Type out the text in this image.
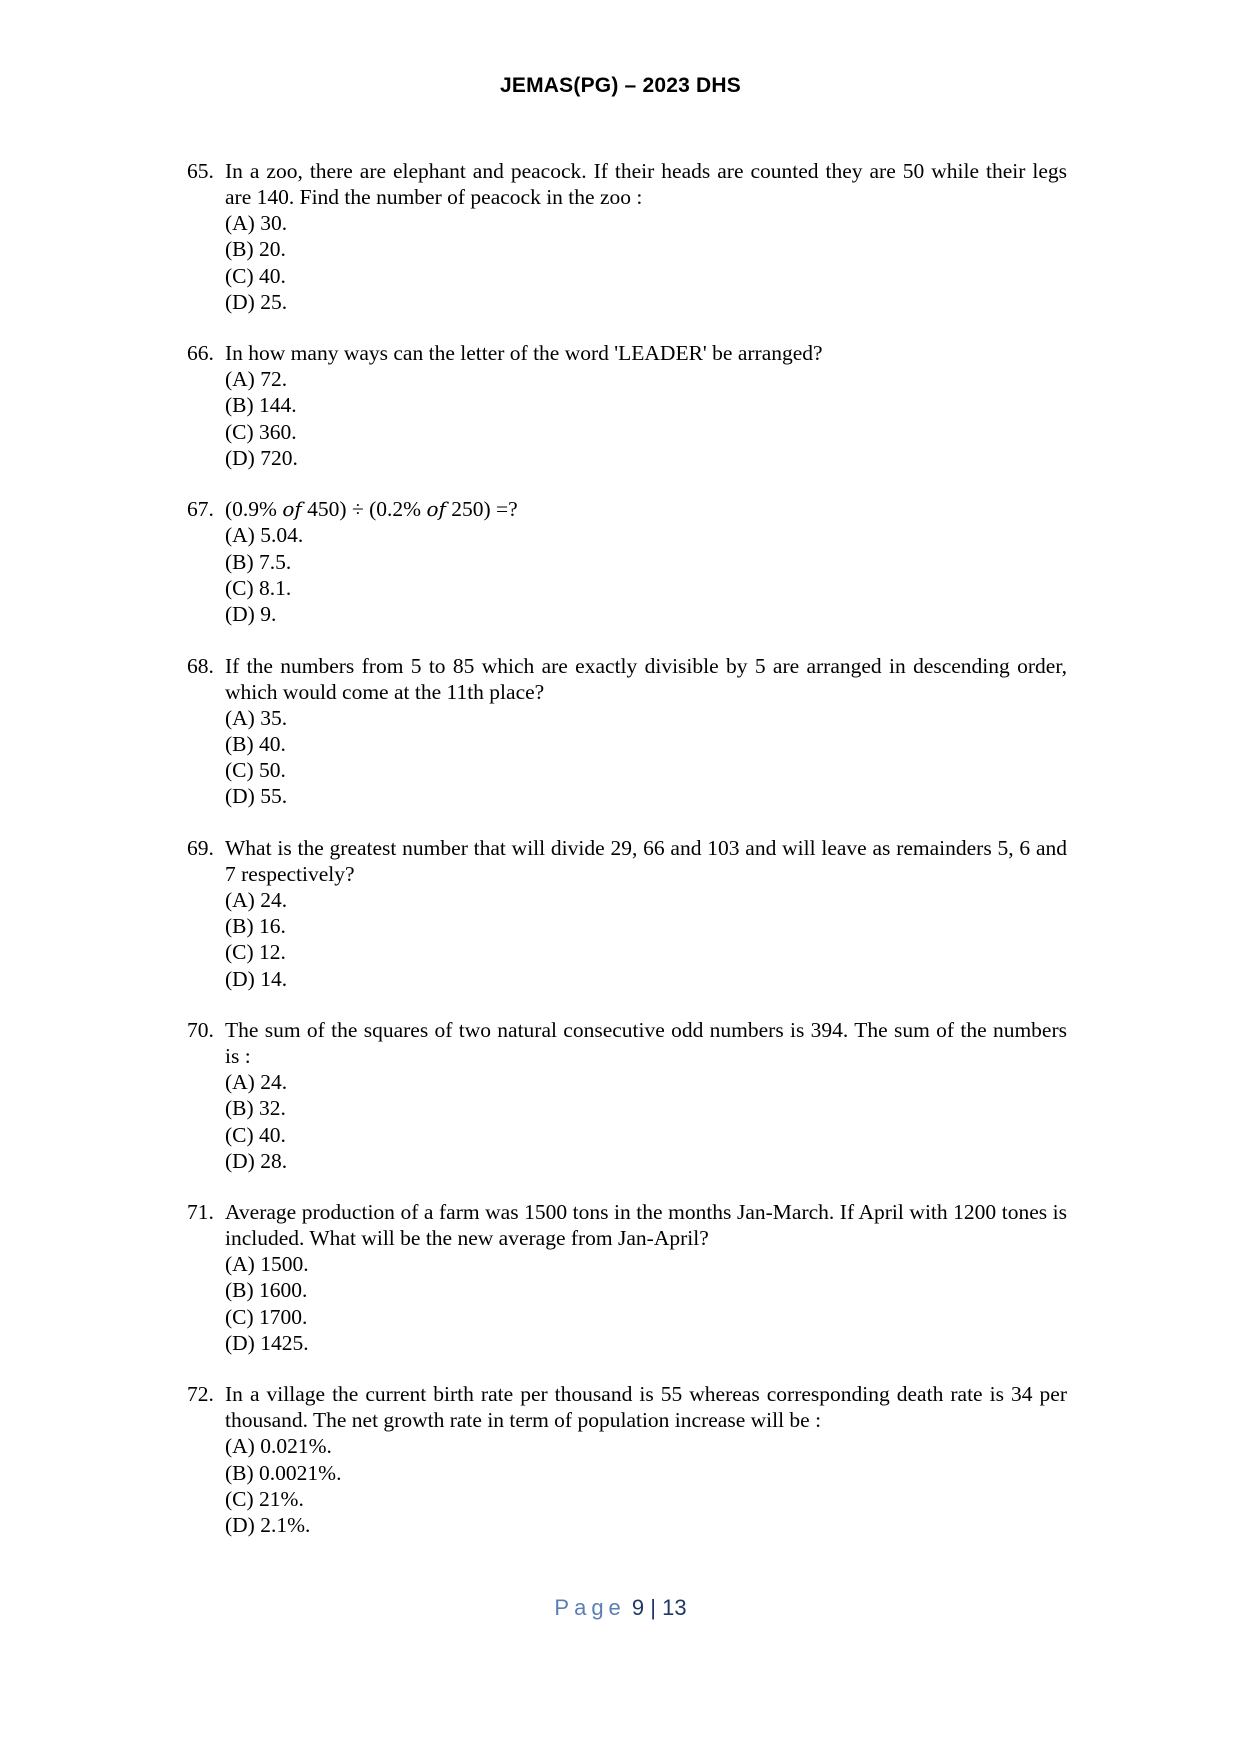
JEMAS(PG) – 2023 DHS
65. In a zoo, there are elephant and peacock. If their heads are counted they are 50 while their legs are 140. Find the number of peacock in the zoo :
(A) 30.
(B) 20.
(C) 40.
(D) 25.
66. In how many ways can the letter of the word 'LEADER' be arranged?
(A) 72.
(B) 144.
(C) 360.
(D) 720.
67. (0.9% of 450) ÷ (0.2% of 250) =?
(A) 5.04.
(B) 7.5.
(C) 8.1.
(D) 9.
68. If the numbers from 5 to 85 which are exactly divisible by 5 are arranged in descending order, which would come at the 11th place?
(A) 35.
(B) 40.
(C) 50.
(D) 55.
69. What is the greatest number that will divide 29, 66 and 103 and will leave as remainders 5, 6 and 7 respectively?
(A) 24.
(B) 16.
(C) 12.
(D) 14.
70. The sum of the squares of two natural consecutive odd numbers is 394. The sum of the numbers is :
(A) 24.
(B) 32.
(C) 40.
(D) 28.
71. Average production of a farm was 1500 tons in the months Jan-March. If April with 1200 tones is included. What will be the new average from Jan-April?
(A) 1500.
(B) 1600.
(C) 1700.
(D) 1425.
72. In a village the current birth rate per thousand is 55 whereas corresponding death rate is 34 per thousand. The net growth rate in term of population increase will be :
(A) 0.021%.
(B) 0.0021%.
(C) 21%.
(D) 2.1%.
Page 9 | 13
